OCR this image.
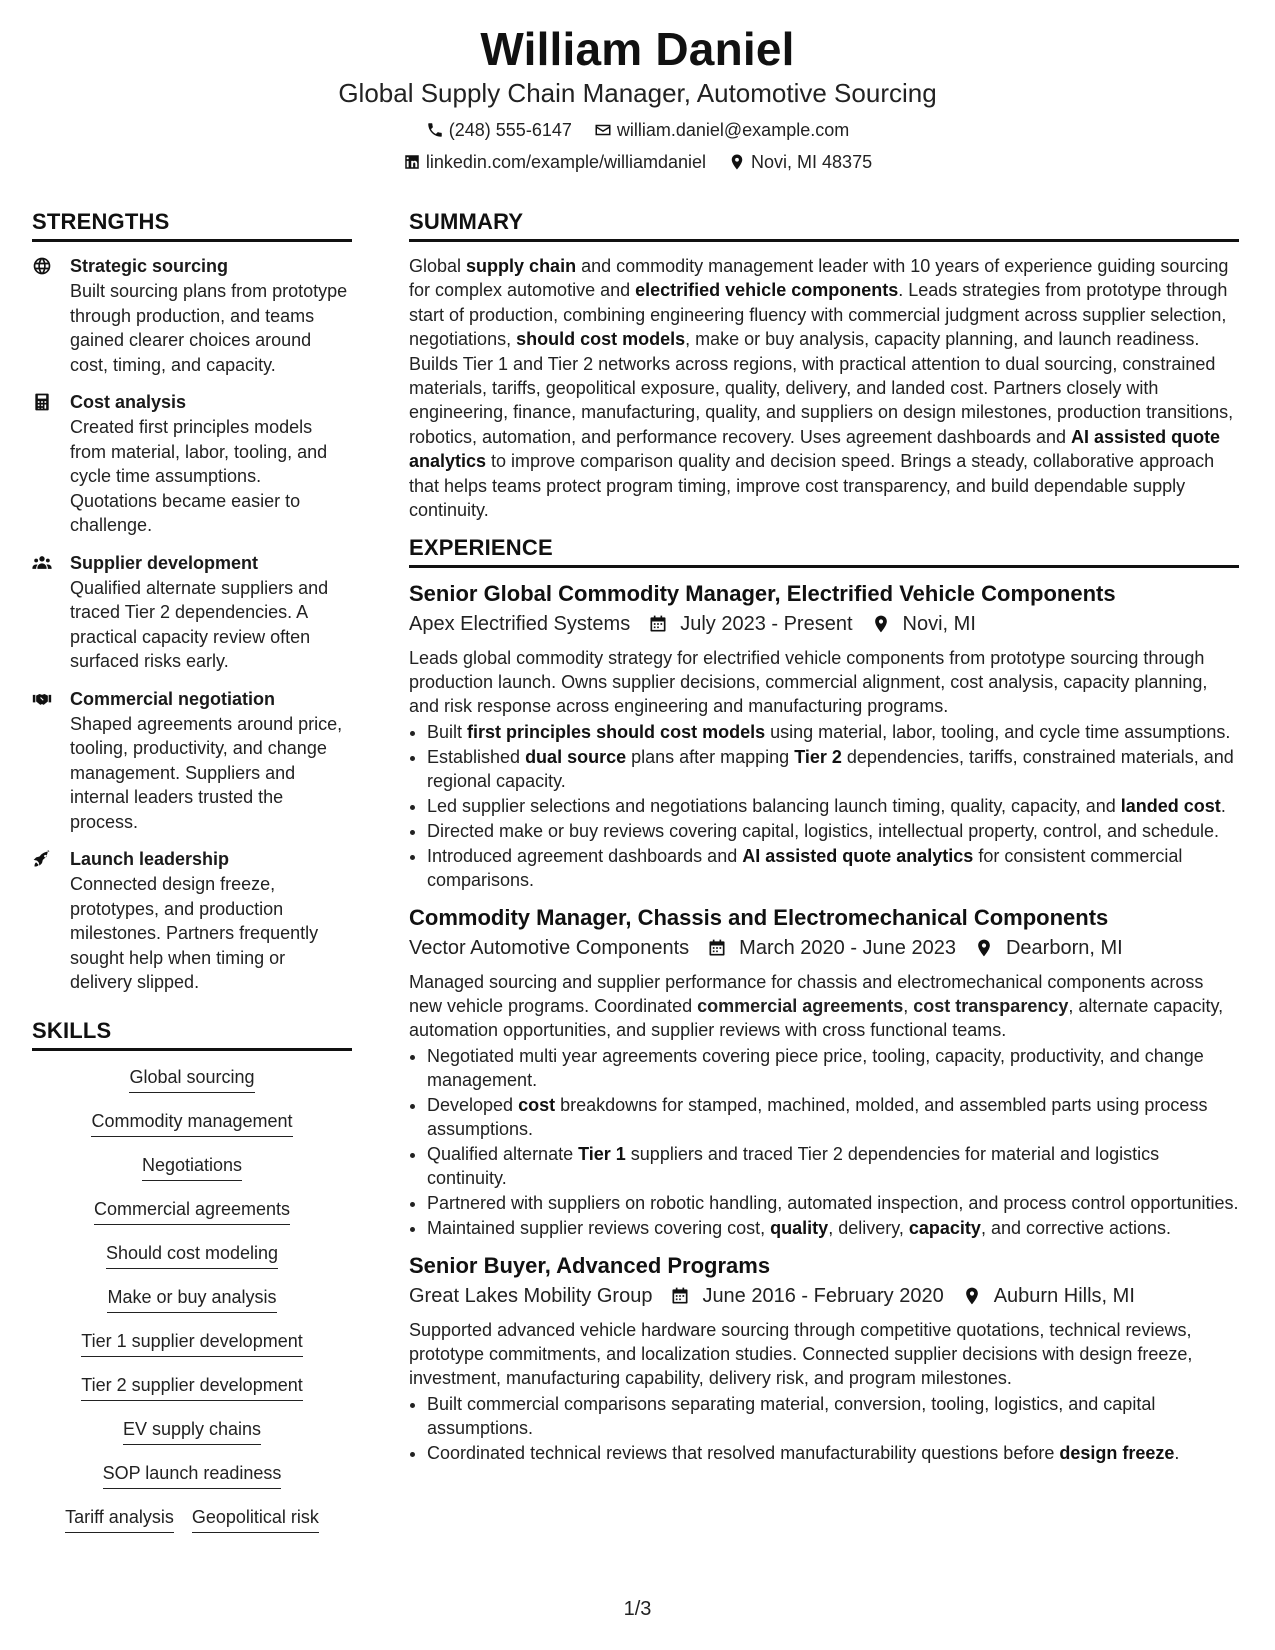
William Daniel
Global Supply Chain Manager, Automotive Sourcing
(248) 555-6147	william.daniel@example.com
linkedin.com/example/williamdaniel	Novi, MI 48375
STRENGTHS
Strategic sourcing
Built sourcing plans from prototype through production, and teams gained clearer choices around cost, timing, and capacity.
Cost analysis
Created first principles models from material, labor, tooling, and cycle time assumptions. Quotations became easier to challenge.
Supplier development
Qualified alternate suppliers and traced Tier 2 dependencies. A practical capacity review often surfaced risks early.
Commercial negotiation
Shaped agreements around price, tooling, productivity, and change management. Suppliers and internal leaders trusted the process.
Launch leadership
Connected design freeze, prototypes, and production milestones. Partners frequently sought help when timing or delivery slipped.
SKILLS
Global sourcing
Commodity management
Negotiations
Commercial agreements
Should cost modeling
Make or buy analysis
Tier 1 supplier development
Tier 2 supplier development
EV supply chains
SOP launch readiness
Tariff analysis Geopolitical risk
SUMMARY
Global supply chain and commodity management leader with 10 years of experience guiding sourcing for complex automotive and electrified vehicle components. Leads strategies from prototype through start of production, combining engineering fluency with commercial judgment across supplier selection, negotiations, should cost models, make or buy analysis, capacity planning, and launch readiness. Builds Tier 1 and Tier 2 networks across regions, with practical attention to dual sourcing, constrained materials, tariffs, geopolitical exposure, quality, delivery, and landed cost. Partners closely with engineering, finance, manufacturing, quality, and suppliers on design milestones, production transitions, robotics, automation, and performance recovery. Uses agreement dashboards and AI assisted quote analytics to improve comparison quality and decision speed. Brings a steady, collaborative approach that helps teams protect program timing, improve cost transparency, and build dependable supply continuity.
EXPERIENCE
Senior Global Commodity Manager, Electrified Vehicle Components
Apex Electrified Systems	July 2023 - Present	Novi, MI
Leads global commodity strategy for electrified vehicle components from prototype sourcing through production launch. Owns supplier decisions, commercial alignment, cost analysis, capacity planning, and risk response across engineering and manufacturing programs.
• Built first principles should cost models using material, labor, tooling, and cycle time assumptions.
• Established dual source plans after mapping Tier 2 dependencies, tariffs, constrained materials, and regional capacity.
• Led supplier selections and negotiations balancing launch timing, quality, capacity, and landed cost.
• Directed make or buy reviews covering capital, logistics, intellectual property, control, and schedule.
• Introduced agreement dashboards and AI assisted quote analytics for consistent commercial comparisons.
Commodity Manager, Chassis and Electromechanical Components
Vector Automotive Components	March 2020 - June 2023	Dearborn, MI
Managed sourcing and supplier performance for chassis and electromechanical components across new vehicle programs. Coordinated commercial agreements, cost transparency, alternate capacity, automation opportunities, and supplier reviews with cross functional teams.
• Negotiated multi year agreements covering piece price, tooling, capacity, productivity, and change management.
• Developed cost breakdowns for stamped, machined, molded, and assembled parts using process assumptions.
• Qualified alternate Tier 1 suppliers and traced Tier 2 dependencies for material and logistics continuity.
• Partnered with suppliers on robotic handling, automated inspection, and process control opportunities.
• Maintained supplier reviews covering cost, quality, delivery, capacity, and corrective actions.
Senior Buyer, Advanced Programs
Great Lakes Mobility Group	June 2016 - February 2020	Auburn Hills, MI
Supported advanced vehicle hardware sourcing through competitive quotations, technical reviews, prototype commitments, and localization studies. Connected supplier decisions with design freeze, investment, manufacturing capability, delivery risk, and program milestones.
• Built commercial comparisons separating material, conversion, tooling, logistics, and capital assumptions.
• Coordinated technical reviews that resolved manufacturability questions before design freeze.
1/3
